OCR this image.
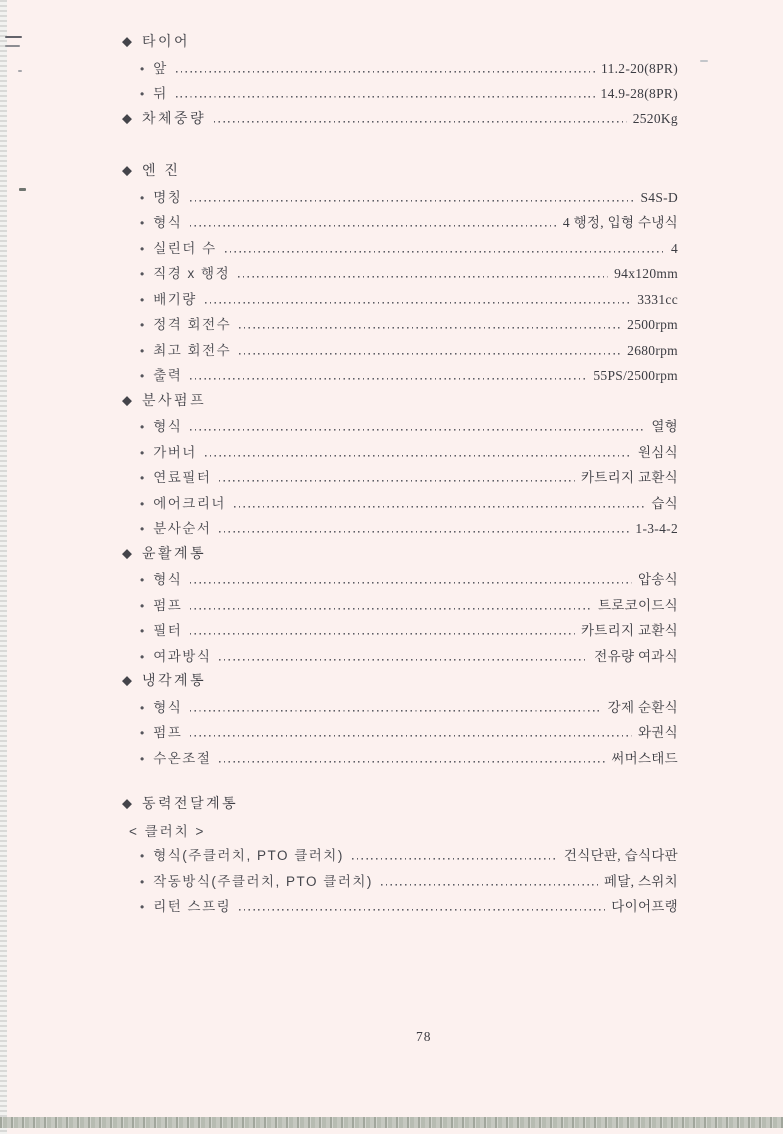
◆ 타이어
• 앞	11.2-20(8PR)
• 뒤	14.9-28(8PR)
◆ 차체중량	2520Kg
◆ 엔 진
• 명칭	S4S-D
• 형식	4 행정, 입형 수냉식
• 실린더 수	4
• 직경 x 행정	94x120mm
• 배기량	3331cc
• 정격 회전수	2500rpm
• 최고 회전수	2680rpm
• 출력	55PS/2500rpm
◆ 분사펌프
• 형식	열형
• 가버너	원심식
• 연료필터	카트리지 교환식
• 에어크리너	습식
• 분사순서	1-3-4-2
◆ 윤활계통
• 형식	압송식
• 펌프	트로코이드식
• 필터	카트리지 교환식
• 여과방식	전유량 여과식
◆ 냉각계통
• 형식	강제 순환식
• 펌프	와권식
• 수온조절	써머스태드
◆ 동력전달계통
< 클러치 >
• 형식(주클러치, PTO 클러치)	건식단판, 습식다판
• 작동방식(주클러치, PTO 클러치)	페달, 스위치
• 리턴 스프링	다이어프랭
78
